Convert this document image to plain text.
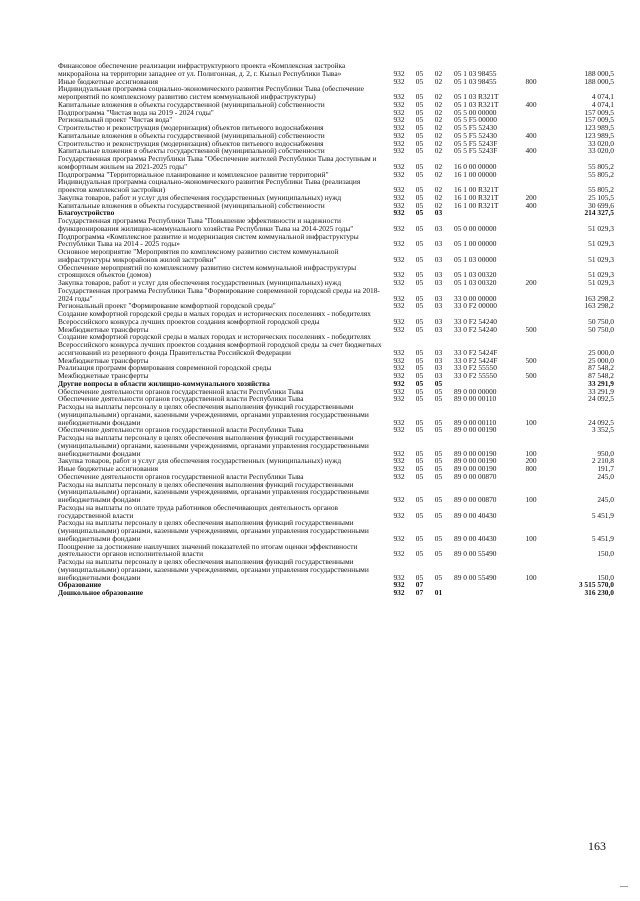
Финансовое обеспечение реализации инфраструктурного проекта «Комплексная застройка микрорайона на территории западнее от ул. Полигонная, д. 2, г. Кызыл Республики Тыва»	932	05	02	05 1 03 98455		188 000,5
Иные бюджетные ассигнования	932	05	02	05 1 03 98455	800	188 000,5
Индивидуальная программа социально-экономического развития Республики Тыва (обеспечение мероприятий по комплексному развитию систем коммунальной инфраструктуры)	932	05	02	05 1 03 R321T		4 074,1
Капитальные вложения в объекты государственной (муниципальной) собственности	932	05	02	05 1 03 R321T	400	4 074,1
Подпрограмма "Чистая вода на 2019 - 2024 годы"	932	05	02	05 5 00 00000		157 009,5
Региональный проект "Чистая вода"	932	05	02	05 5 F5 00000		157 009,5
Строительство и реконструкция (модернизация) объектов питьевого водоснабжения	932	05	02	05 5 F5 52430		123 989,5
Капитальные вложения в объекты государственной (муниципальной) собственности	932	05	02	05 5 F5 52430	400	123 989,5
Строительство и реконструкция (модернизация) объектов питьевого водоснабжения	932	05	02	05 5 F5 5243F		33 020,0
Капитальные вложения в объекты государственной (муниципальной) собственности	932	05	02	05 5 F5 5243F	400	33 020,0
Государственная программа Республики Тыва "Обеспечение жителей Республики Тыва доступным и комфортным жильем на 2021-2025 годы"	932	05	02	16 0 00 00000		55 805,2
Подпрограмма "Территориальное планирование и комплексное развитие территорий"	932	05	02	16 1 00 00000		55 805,2
Индивидуальная программа социально-экономического развития Республики Тыва (реализация проектов комплексной застройки)	932	05	02	16 1 00 R321T		55 805,2
Закупка товаров, работ и услуг для обеспечения государственных (муниципальных) нужд	932	05	02	16 1 00 R321T	200	25 105,5
Капитальные вложения в объекты государственной (муниципальной) собственности	932	05	02	16 1 00 R321T	400	30 699,6
Благоустройство	932	05	03			214 327,5
Государственная программа Республики Тыва "Повышение эффективности и надежности функционирования жилищно-коммунального хозяйства Республики Тыва на 2014-2025 годы"	932	05	03	05 0 00 00000		51 029,3
Подпрограмма «Комплексное развитие и модернизация систем коммунальной инфраструктуры Республики Тыва на 2014 - 2025 годы»	932	05	03	05 1 00 00000		51 029,3
Основное мероприятие "Мероприятия по комплексному развитию систем коммунальной инфраструктуры микрорайонов жилой застройки"	932	05	03	05 1 03 00000		51 029,3
Обеспечение мероприятий по комплексному развитию систем коммунальной инфраструктуры строящихся объектов (домов)	932	05	03	05 1 03 00320		51 029,3
Закупка товаров, работ и услуг для обеспечения государственных (муниципальных) нужд	932	05	03	05 1 03 00320	200	51 029,3
Государственная программа Республики Тыва "Формирование современной городской среды на 2018-2024 годы"	932	05	03	33 0 00 00000		163 298,2
Региональный проект "Формирование комфортной городской среды"	932	05	03	33 0 F2 00000		163 298,2
Создание комфортной городской среды в малых городах и исторических поселениях - победителях Всероссийского конкурса лучших проектов создания комфортной городской среды	932	05	03	33 0 F2 54240		50 750,0
Межбюджетные трансферты	932	05	03	33 0 F2 54240	500	50 750,0
Создание комфортной городской среды в малых городах и исторических поселениях - победителях Всероссийского конкурса лучших проектов создания комфортной городской среды за счет бюджетных ассигнований из резервного фонда Правительства Российской Федерации	932	05	03	33 0 F2 5424F		25 000,0
Межбюджетные трансферты	932	05	03	33 0 F2 5424F	500	25 000,0
Реализация программ формирования современной городской среды	932	05	03	33 0 F2 55550		87 548,2
Межбюджетные трансферты	932	05	03	33 0 F2 55550	500	87 548,2
Другие вопросы в области жилищно-коммунального хозяйства	932	05	05			33 291,9
Обеспечение деятельности органов государственной власти Республики Тыва	932	05	05	89 0 00 00000		33 291,9
Обеспечение деятельности органов государственной власти Республики Тыва	932	05	05	89 0 00 00110		24 092,5
Расходы на выплаты персоналу в целях обеспечения выполнения функций государственными (муниципальными) органами, казенными учреждениями, органами управления государственными внебюджетными фондами	932	05	05	89 0 00 00110	100	24 092,5
Обеспечение деятельности органов государственной власти Республики Тыва	932	05	05	89 0 00 00190		3 352,5
Расходы на выплаты персоналу в целях обеспечения выполнения функций государственными (муниципальными) органами, казенными учреждениями, органами управления государственными внебюджетными фондами	932	05	05	89 0 00 00190	100	950,0
Закупка товаров, работ и услуг для обеспечения государственных (муниципальных) нужд	932	05	05	89 0 00 00190	200	2 210,8
Иные бюджетные ассигнования	932	05	05	89 0 00 00190	800	191,7
Обеспечение деятельности органов государственной власти Республики Тыва	932	05	05	89 0 00 00870		245,0
Расходы на выплаты персоналу в целях обеспечения выполнения функций государственными (муниципальными) органами, казенными учреждениями, органами управления государственными внебюджетными фондами	932	05	05	89 0 00 00870	100	245,0
Расходы на выплаты по оплате труда работников обеспечивающих деятельность органов государственной власти	932	05	05	89 0 00 40430		5 451,9
Расходы на выплаты персоналу в целях обеспечения выполнения функций государственными (муниципальными) органами, казенными учреждениями, органами управления государственными внебюджетными фондами	932	05	05	89 0 00 40430	100	5 451,9
Поощрение за достижение наилучших значений показателей по итогам оценки эффективности деятельности органов исполнительной власти	932	05	05	89 0 00 55490		150,0
Расходы на выплаты персоналу в целях обеспечения выполнения функций государственными (муниципальными) органами, казенными учреждениями, органами управления государственными внебюджетными фондами	932	05	05	89 0 00 55490	100	150,0
Образование	932	07				3 515 570,0
Дошкольное образование	932	07	01			316 230,0
163
